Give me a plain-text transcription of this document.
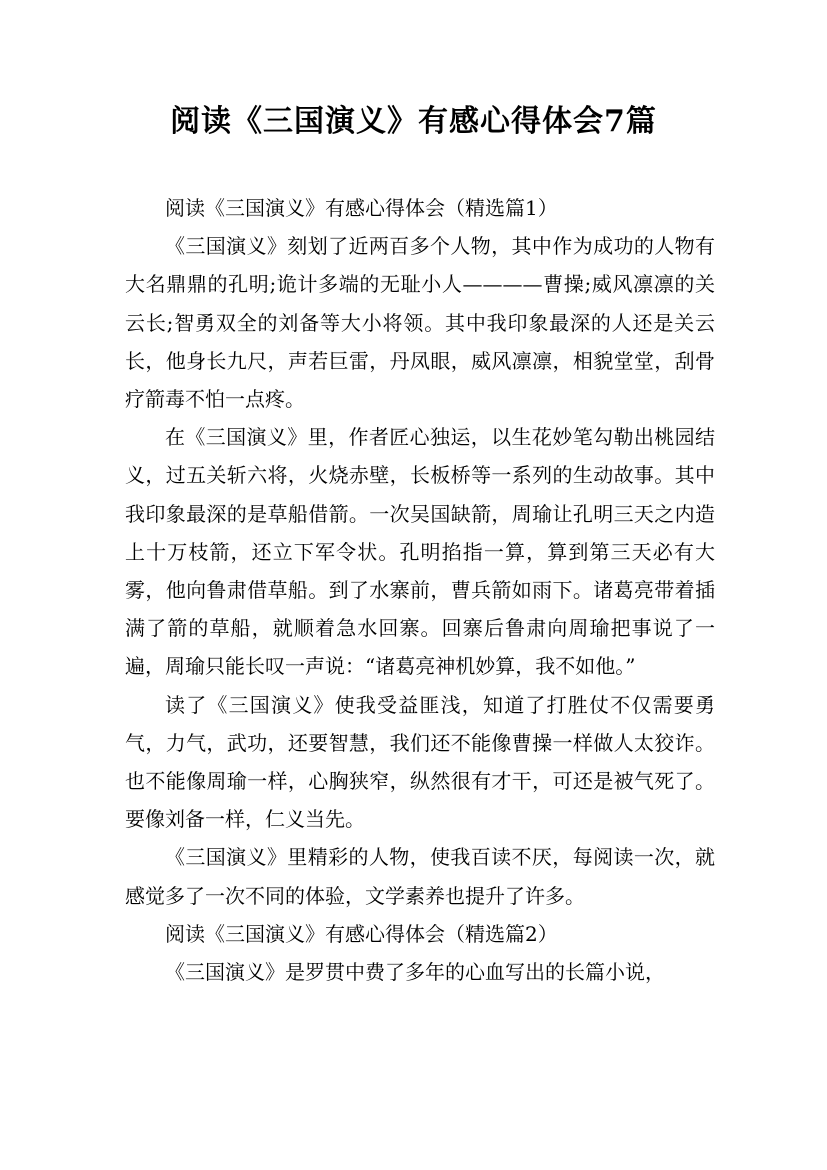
阅读《三国演义》有感心得体会7篇

阅读《三国演义》有感心得体会（精选篇1）

《三国演义》刻划了近两百多个人物，其中作为成功的人物有大名鼎鼎的孔明;诡计多端的无耻小人————曹操;威风凛凛的关云长;智勇双全的刘备等大小将领。其中我印象最深的人还是关云长，他身长九尺，声若巨雷，丹凤眼，威风凛凛，相貌堂堂，刮骨疗箭毒不怕一点疼。

在《三国演义》里，作者匠心独运，以生花妙笔勾勒出桃园结义，过五关斩六将，火烧赤壁，长板桥等一系列的生动故事。其中我印象最深的是草船借箭。一次吴国缺箭，周瑜让孔明三天之内造上十万枝箭，还立下军令状。孔明掐指一算，算到第三天必有大雾，他向鲁肃借草船。到了水寨前，曹兵箭如雨下。诸葛亮带着插满了箭的草船，就顺着急水回寨。回寨后鲁肃向周瑜把事说了一遍，周瑜只能长叹一声说：“诸葛亮神机妙算，我不如他。”

读了《三国演义》使我受益匪浅，知道了打胜仗不仅需要勇气，力气，武功，还要智慧，我们还不能像曹操一样做人太狡诈。也不能像周瑜一样，心胸狭窄，纵然很有才干，可还是被气死了。要像刘备一样，仁义当先。

《三国演义》里精彩的人物，使我百读不厌，每阅读一次，就感觉多了一次不同的体验，文学素养也提升了许多。

阅读《三国演义》有感心得体会（精选篇2）

《三国演义》是罗贯中费了多年的心血写出的长篇小说，
